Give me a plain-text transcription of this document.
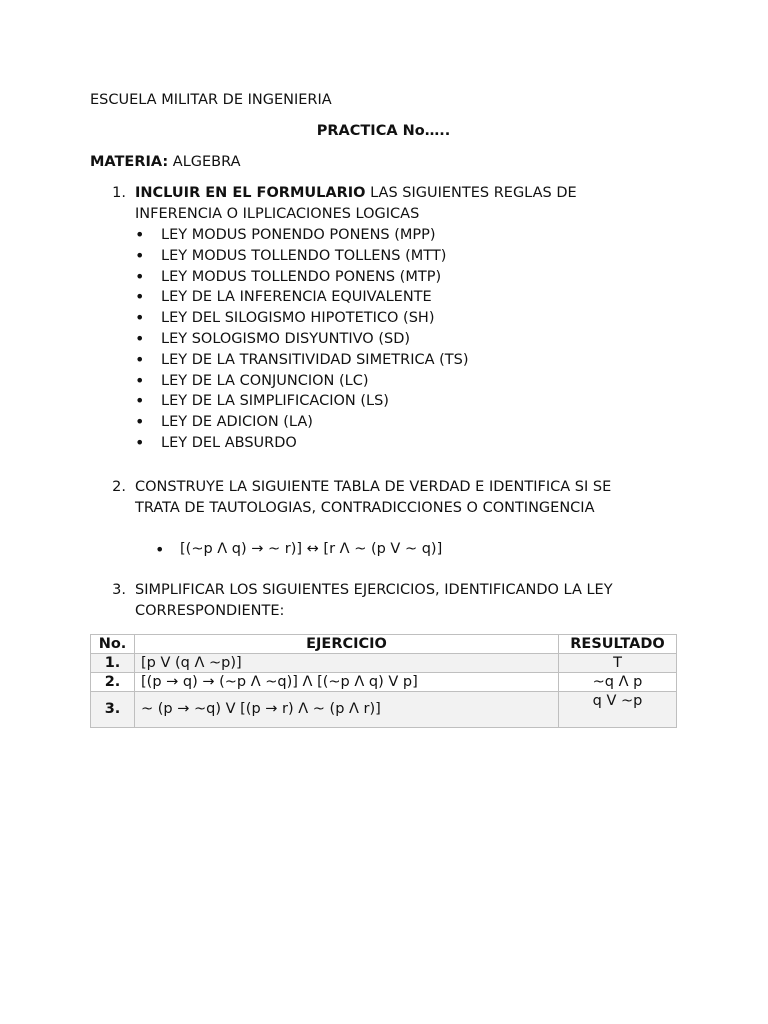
ESCUELA MILITAR DE INGENIERIA
PRACTICA No…..
MATERIA: ALGEBRA
1. INCLUIR EN EL FORMULARIO LAS SIGUIENTES REGLAS DE
INFERENCIA O ILPLICACIONES LOGICAS
•	LEY MODUS PONENDO PONENS (MPP)
•	LEY MODUS TOLLENDO TOLLENS (MTT)
•	LEY MODUS TOLLENDO PONENS (MTP)
•	LEY DE LA INFERENCIA EQUIVALENTE
•	LEY DEL SILOGISMO HIPOTETICO (SH)
•	LEY SOLOGISMO DISYUNTIVO (SD)
•	LEY DE LA TRANSITIVIDAD SIMETRICA (TS)
•	LEY DE LA CONJUNCION (LC)
•	LEY DE LA SIMPLIFICACION (LS)
•	LEY DE ADICION (LA)
•	LEY DEL ABSURDO
2. CONSTRUYE LA SIGUIENTE TABLA DE VERDAD E IDENTIFICA SI SE
TRATA DE TAUTOLOGIAS, CONTRADICCIONES O CONTINGENCIA
•	[(~p Λ q) → ~ r)] ↔ [r Λ ~ (p V ~ q)]
3. SIMPLIFICAR LOS SIGUIENTES EJERCICIOS, IDENTIFICANDO LA LEY
CORRESPONDIENTE:
No.	EJERCICIO	RESULTADO
1.	[p V (q Λ ~p)]	T
2.	[(p → q) → (~p Λ ~q)] Λ [(~p Λ q) V p]	~q Λ p
3.	~ (p → ~q) V [(p → r) Λ ~ (p Λ r)]	q V ~p
